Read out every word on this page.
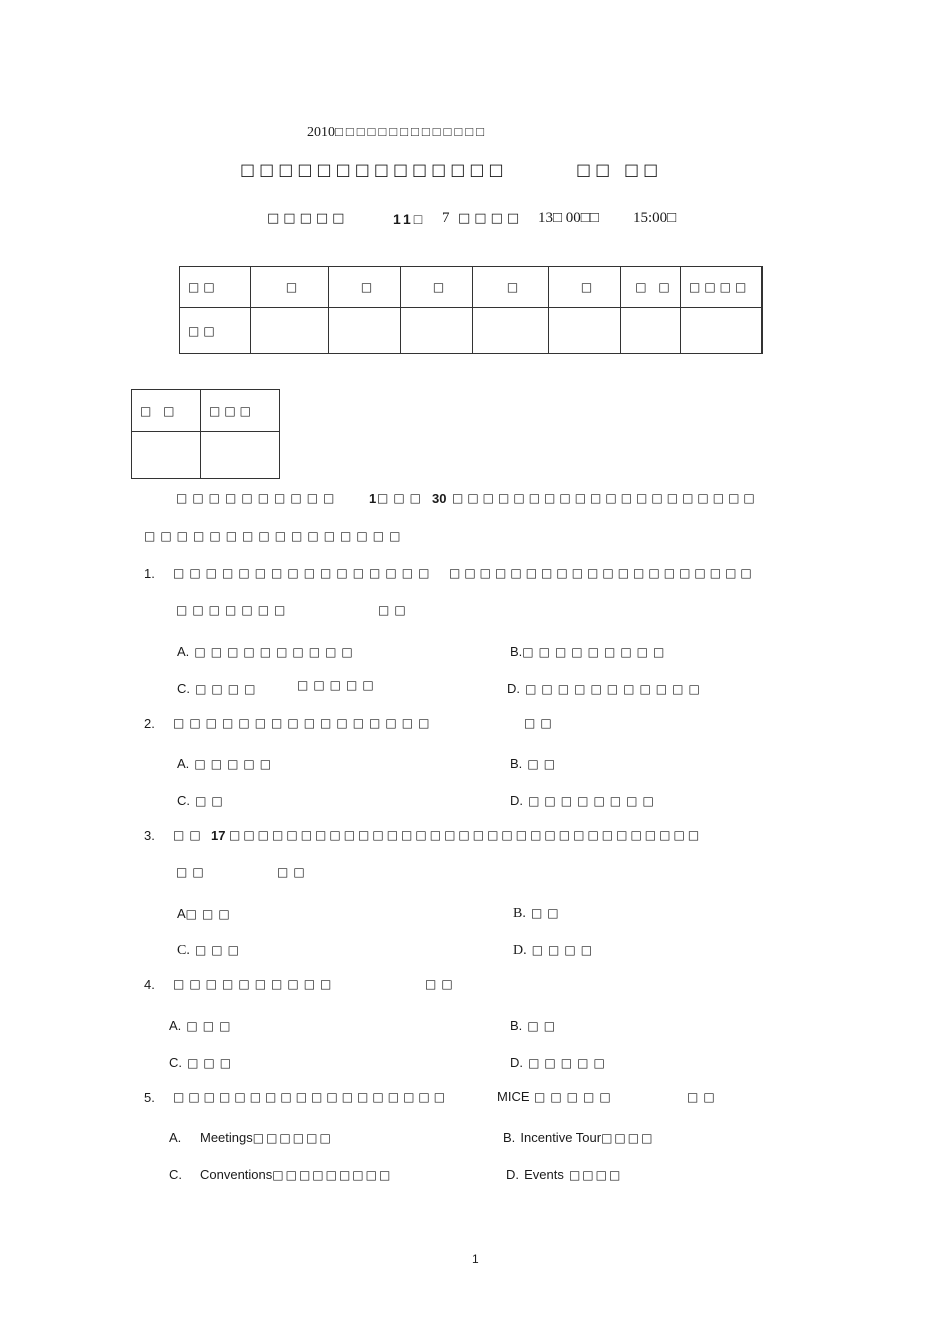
2010□□□□□□□□□□□□□□
□□□□□□□□□□□□□□	□□ □□
□□□□□	11□ 7 □□□□ 13□ 00□□ 15:00□
□□	□	□	□	□	□	□ □	□□□□
□□							
□ □	□□□

□□□□□□□□□□ 1 □□□ 30 □□□□□□□□□□□□□□□□□□□□
□□□□□□□□□□□□□□□□
1. □□□□□□□□□□□□□□□□ □□□□□□□□□□□□□□□□□□□□
□□□□□□□	□□
A. □□□□□□□□□□	B.□□□□□□□□□
C. □□□□	□□□□□	D. □□□□□□□□□□□
2. □□□□□□□□□□□□□□□□	□□
A. □□□□□	B. □□
C. □□	D. □□□□□□□□
3. □□ 17 □□□□□□□□□□□□□□□□□□□□□□□□□□□□□□□□□
□□	□□
A□□□	B. □□
C. □□□	D. □□□□
4. □□□□□□□□□□	□□
A. □□□	B. □□
C. □□□	D. □□□□□
5. □□□□□□□□□□□□□□□□□□	MICE □□□□□	□□
A. Meetings□□□□□□	B. Incentive Tour□□□□
C. Conventions□□□□□□□□□	D. Events □□□□
1
